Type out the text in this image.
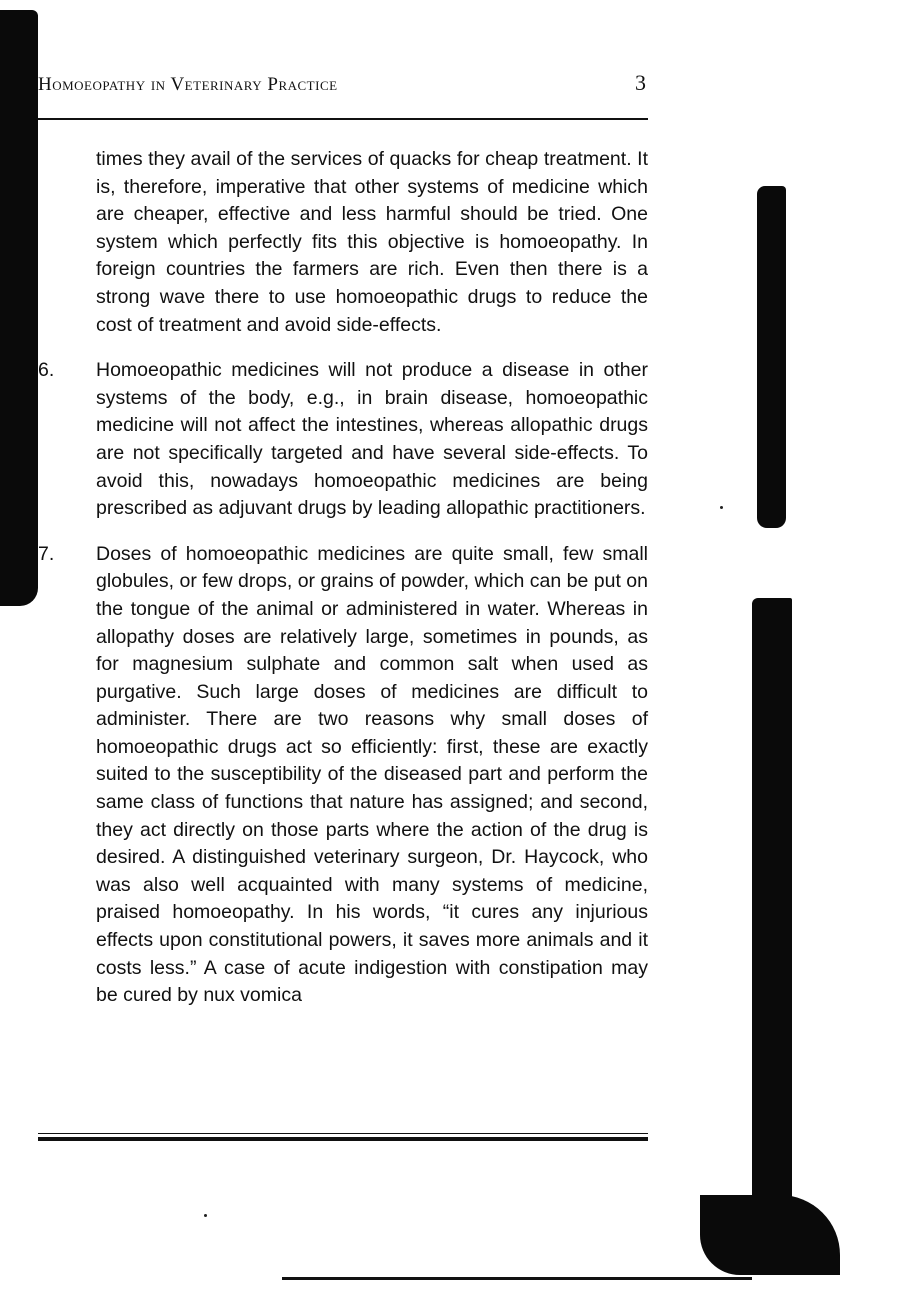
Homoeopathy in Veterinary Practice	3
times they avail of the services of quacks for cheap treatment. It is, therefore, imperative that other systems of medicine which are cheaper, effective and less harmful should be tried. One system which perfectly fits this objective is homoeopathy. In foreign countries the farmers are rich. Even then there is a strong wave there to use homoeopathic drugs to reduce the cost of treatment and avoid side-effects.
6. Homoeopathic medicines will not produce a disease in other systems of the body, e.g., in brain disease, homoeopathic medicine will not affect the intestines, whereas allopathic drugs are not specifically targeted and have several side-effects. To avoid this, nowadays homoeopathic medicines are being prescribed as adjuvant drugs by leading allopathic practitioners.
7. Doses of homoeopathic medicines are quite small, few small globules, or few drops, or grains of powder, which can be put on the tongue of the animal or administered in water. Whereas in allopathy doses are relatively large, sometimes in pounds, as for magnesium sulphate and common salt when used as purgative. Such large doses of medicines are difficult to administer. There are two reasons why small doses of homoeopathic drugs act so efficiently: first, these are exactly suited to the susceptibility of the diseased part and perform the same class of functions that nature has assigned; and second, they act directly on those parts where the action of the drug is desired. A distinguished veterinary surgeon, Dr. Haycock, who was also well acquainted with many systems of medicine, praised homoeopathy. In his words, “it cures any injurious effects upon constitutional powers, it saves more animals and it costs less.” A case of acute indigestion with constipation may be cured by nux vomica
